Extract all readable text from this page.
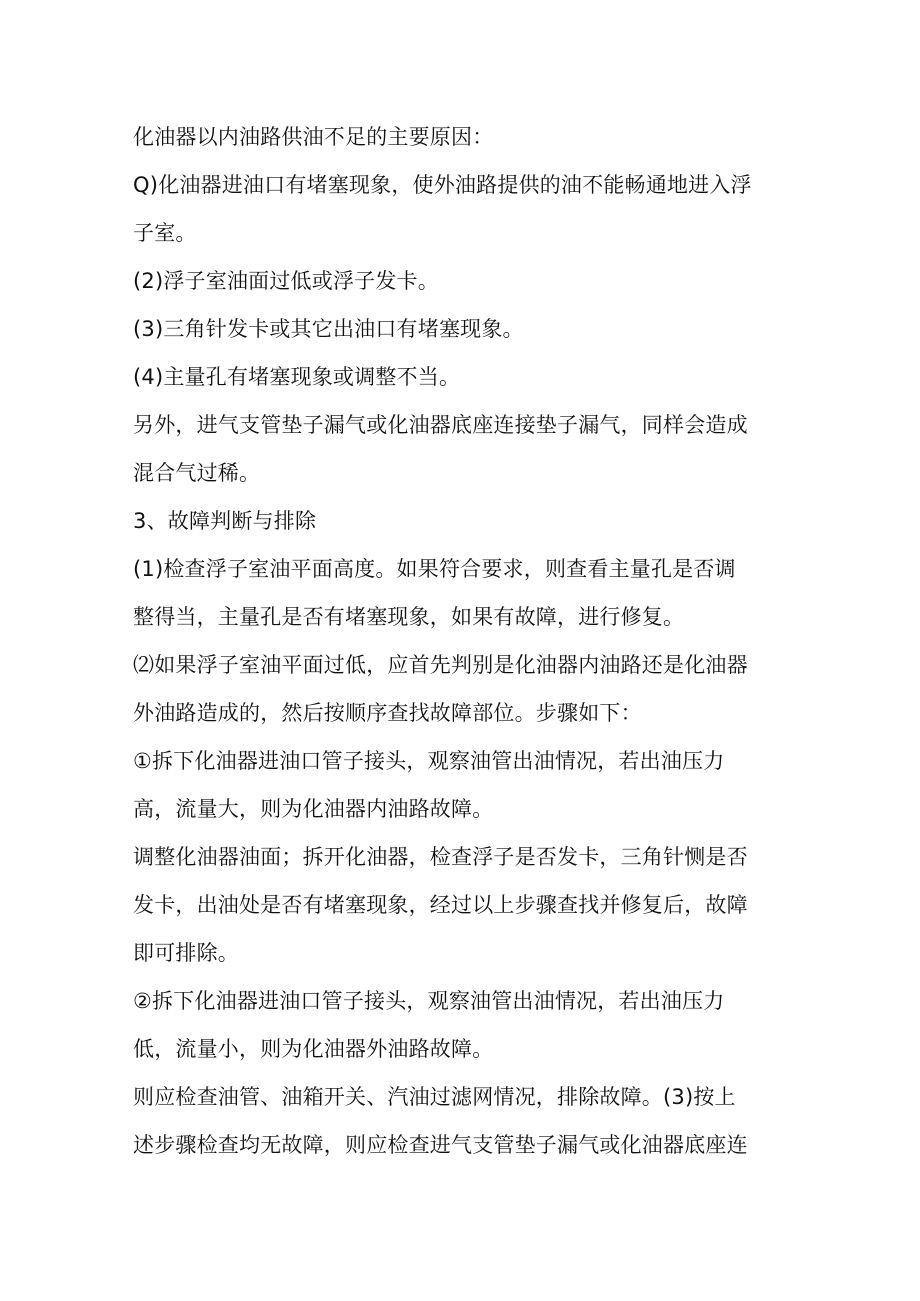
化油器以内油路供油不足的主要原因：
Q)化油器进油口有堵塞现象，使外油路提供的油不能畅通地进入浮
子室。
(2)浮子室油面过低或浮子发卡。
(3)三角针发卡或其它出油口有堵塞现象。
(4)主量孔有堵塞现象或调整不当。
另外，进气支管垫子漏气或化油器底座连接垫子漏气，同样会造成
混合气过稀。
3、故障判断与排除
(1)检查浮子室油平面高度。如果符合要求，则查看主量孔是否调
整得当，主量孔是否有堵塞现象，如果有故障，进行修复。
⑵如果浮子室油平面过低，应首先判别是化油器内油路还是化油器
外油路造成的，然后按顺序查找故障部位。步骤如下：
①拆下化油器进油口管子接头，观察油管出油情况，若出油压力
高，流量大，则为化油器内油路故障。
调整化油器油面；拆开化油器，检查浮子是否发卡，三角针恻是否
发卡，出油处是否有堵塞现象，经过以上步骤查找并修复后，故障
即可排除。
②拆下化油器进油口管子接头，观察油管出油情况，若出油压力
低，流量小，则为化油器外油路故障。
则应检查油管、油箱开关、汽油过滤网情况，排除故障。(3)按上
述步骤检查均无故障，则应检查进气支管垫子漏气或化油器底座连
